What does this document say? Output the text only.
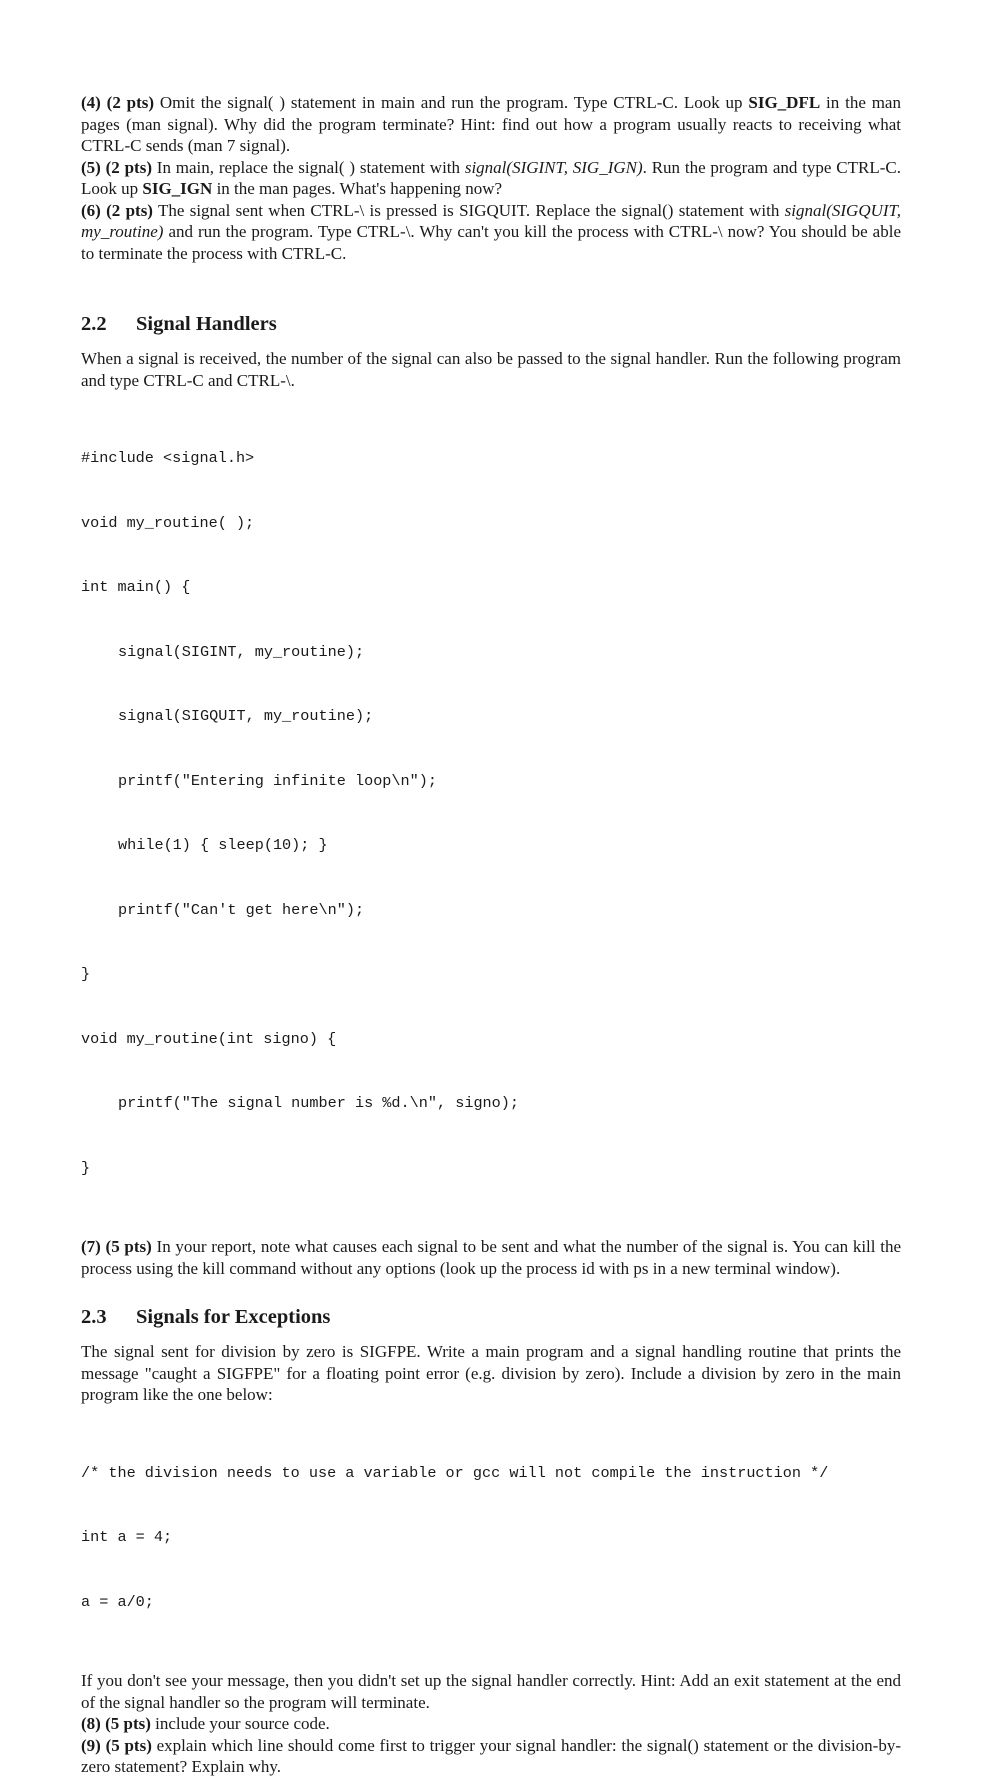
(4) (2 pts) Omit the signal( ) statement in main and run the program. Type CTRL-C. Look up SIG_DFL in the man pages (man signal). Why did the program terminate? Hint: find out how a program usually reacts to receiving what CTRL-C sends (man 7 signal).

(5) (2 pts) In main, replace the signal( ) statement with signal(SIGINT, SIG_IGN). Run the program and type CTRL-C. Look up SIG_IGN in the man pages. What's happening now?

(6) (2 pts) The signal sent when CTRL-\ is pressed is SIGQUIT. Replace the signal() statement with signal(SIGQUIT, my_routine) and run the program. Type CTRL-\. Why can't you kill the process with CTRL-\ now? You should be able to terminate the process with CTRL-C.

2.2 Signal Handlers

When a signal is received, the number of the signal can also be passed to the signal handler. Run the following program and type CTRL-C and CTRL-\.

#include <signal.h>

void my_routine( );

int main() {

signal(SIGINT, my_routine);

signal(SIGQUIT, my_routine);

printf("Entering infinite loop\n");

while(1) { sleep(10); }

printf("Can't get here\n");

}

void my_routine(int signo) {

printf("The signal number is %d.\n", signo);

}

(7) (5 pts) In your report, note what causes each signal to be sent and what the number of the signal is. You can kill the process using the kill command without any options (look up the process id with ps in a new terminal window).

2.3 Signals for Exceptions

The signal sent for division by zero is SIGFPE. Write a main program and a signal handling routine that prints the message "caught a SIGFPE" for a floating point error (e.g. division by zero). Include a division by zero in the main program like the one below:

/* the division needs to use a variable or gcc will not compile the instruction */

int a = 4;

a = a/0;

If you don't see your message, then you didn't set up the signal handler correctly. Hint: Add an exit statement at the end of the signal handler so the program will terminate.

(8) (5 pts) include your source code.

(9) (5 pts) explain which line should come first to trigger your signal handler: the signal() statement or the division-by-zero statement? Explain why.
